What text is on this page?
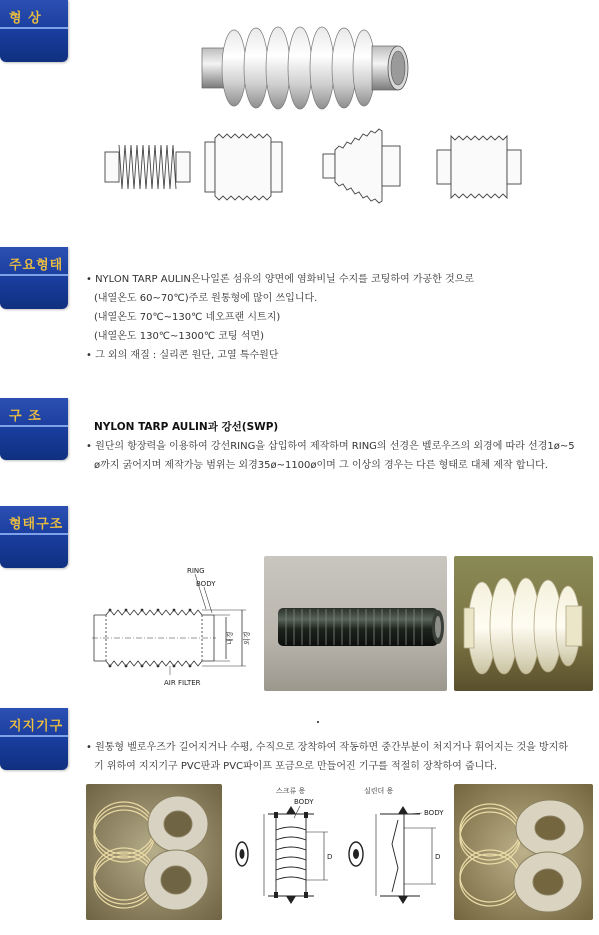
형 상
주요형태
구 조
형태구조
지지기구
• NYLON TARP AULIN은나일론 섬유의 양면에 염화비닐 수지를 코팅하여 가공한 것으로
(내열온도 60~70℃)주로 원통형에 많이 쓰입니다.
(내열온도 70℃~130℃ 네오프랜 시트지)
(내열온도 130℃~1300℃ 코팅 석면)
• 그 외의 재질 : 실리콘 원단, 고열 특수원단
NYLON TARP AULIN과 강선(SWP)
• 원단의 항장력을 이용하여 강선RING을 삽입하여 제작하며 RING의 선경은 벨로우즈의 외경에 따라 선경1ø~5
ø까지 굵어지며 제작가능 범위는 외경35ø~1100ø이며 그 이상의 경우는 다른 형태로 대체 제작 합니다.
RING
BODY
내경 외경
AIR FILTER
• 원통형 벨로우즈가 길어지거나 수평, 수직으로 장착하여 작동하면 중간부분이 처지거나 휘어지는 것을 방지하
기 위하여 지지기구 PVC판과 PVC파이프 포금으로 만들어진 기구를 적절히 장착하여 줍니다.
스크류 용
BODY
D
실린더 용
BODY
D
